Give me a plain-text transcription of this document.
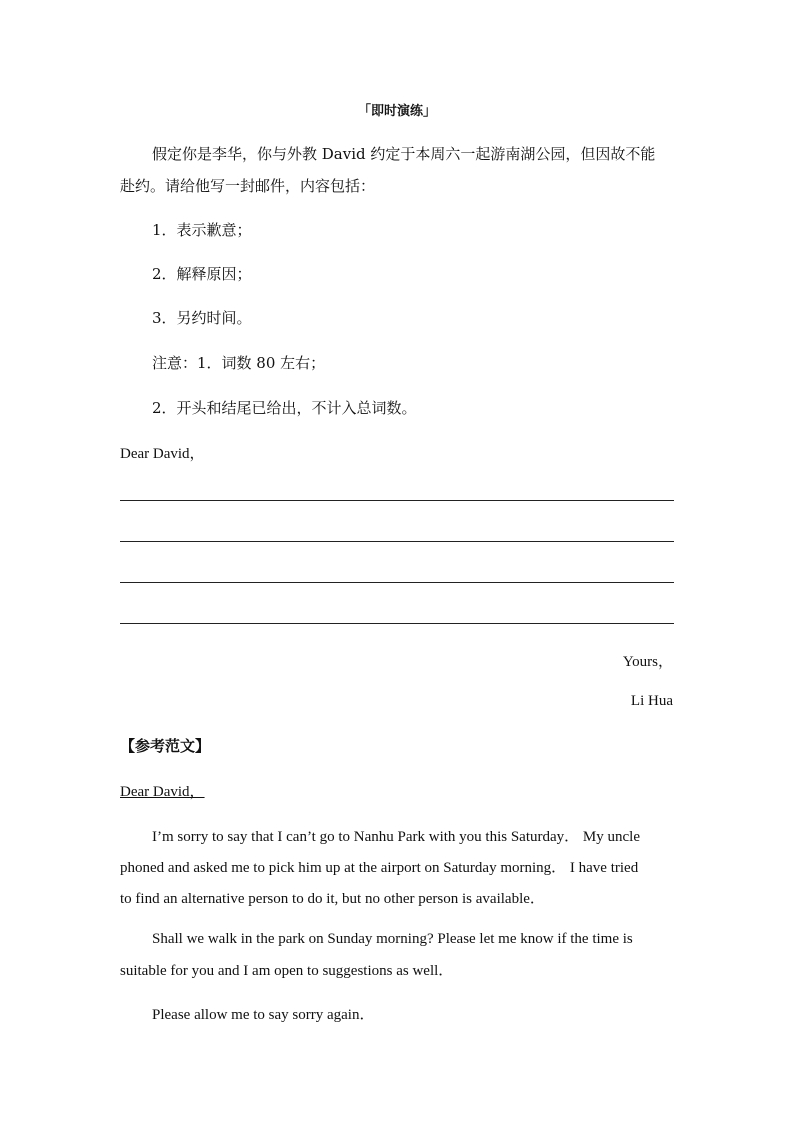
「即时演练」
假定你是李华，你与外教 David 约定于本周六一起游南湖公园，但因故不能
赴约。请给他写一封邮件，内容包括：
1．表示歉意；
2．解释原因；
3．另约时间。
注意：1．词数 80 左右；
2．开头和结尾已给出，不计入总词数。
Dear David，
Yours，
Li Hua
【参考范文】
Dear David，
I’m sorry to say that I can’t go to Nanhu Park with you this Saturday． My uncle
phoned and asked me to pick him up at the airport on Saturday morning． I have tried
to find an alternative person to do it, but no other person is available．
Shall we walk in the park on Sunday morning? Please let me know if the time is
suitable for you and I am open to suggestions as well．
Please allow me to say sorry again．
